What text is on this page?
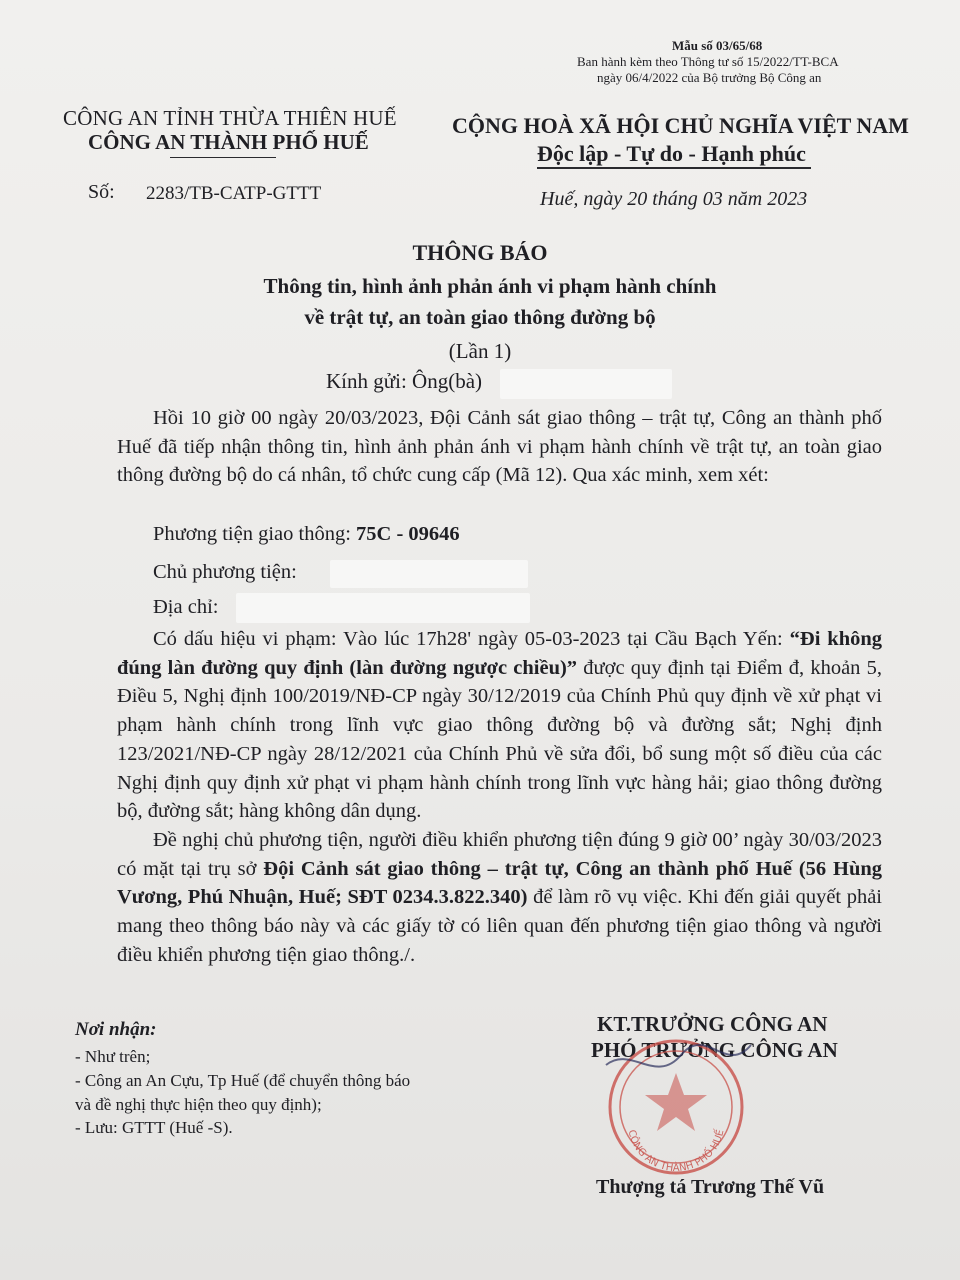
Mẫu số 03/65/68
Ban hành kèm theo Thông tư số 15/2022/TT-BCA
ngày 06/4/2022 của Bộ trưởng Bộ Công an
CÔNG AN TỈNH THỪA THIÊN HUẾ
CÔNG AN THÀNH PHỐ HUẾ
CỘNG HOÀ XÃ HỘI CHỦ NGHĨA VIỆT NAM
Độc lập - Tự do - Hạnh phúc
Số: 2283/TB-CATP-GTTT	Huế, ngày 20 tháng 03 năm 2023
THÔNG BÁO
Thông tin, hình ảnh phản ánh vi phạm hành chính
về trật tự, an toàn giao thông đường bộ
(Lần 1)
Kính gửi: Ông(bà)

Hồi 10 giờ 00 ngày 20/03/2023, Đội Cảnh sát giao thông – trật tự, Công an thành phố Huế đã tiếp nhận thông tin, hình ảnh phản ánh vi phạm hành chính về trật tự, an toàn giao thông đường bộ do cá nhân, tổ chức cung cấp (Mã 12). Qua xác minh, xem xét:

Phương tiện giao thông: 75C - 09646
Chủ phương tiện:
Địa chỉ:

Có dấu hiệu vi phạm: Vào lúc 17h28' ngày 05-03-2023 tại Cầu Bạch Yến: “Đi không đúng làn đường quy định (làn đường ngược chiều)” được quy định tại Điểm đ, khoản 5, Điều 5, Nghị định 100/2019/NĐ-CP ngày 30/12/2019 của Chính Phủ quy định về xử phạt vi phạm hành chính trong lĩnh vực giao thông đường bộ và đường sắt; Nghị định 123/2021/NĐ-CP ngày 28/12/2021 của Chính Phủ về sửa đổi, bổ sung một số điều của các Nghị định quy định xử phạt vi phạm hành chính trong lĩnh vực hàng hải; giao thông đường bộ, đường sắt; hàng không dân dụng.

Đề nghị chủ phương tiện, người điều khiển phương tiện đúng 9 giờ 00’ ngày 30/03/2023 có mặt tại trụ sở Đội Cảnh sát giao thông – trật tự, Công an thành phố Huế (56 Hùng Vương, Phú Nhuận, Huế; SĐT 0234.3.822.340) để làm rõ vụ việc. Khi đến giải quyết phải mang theo thông báo này và các giấy tờ có liên quan đến phương tiện giao thông và người điều khiển phương tiện giao thông./.

Nơi nhận:
- Như trên;
- Công an An Cựu, Tp Huế (để chuyển thông báo
và đề nghị thực hiện theo quy định);
- Lưu: GTTT (Huế -S).
KT.TRƯỞNG CÔNG AN
PHÓ TRƯỞNG CÔNG AN
CÔNG AN THÀNH PHỐ HUẾ
Thượng tá Trương Thế Vũ
